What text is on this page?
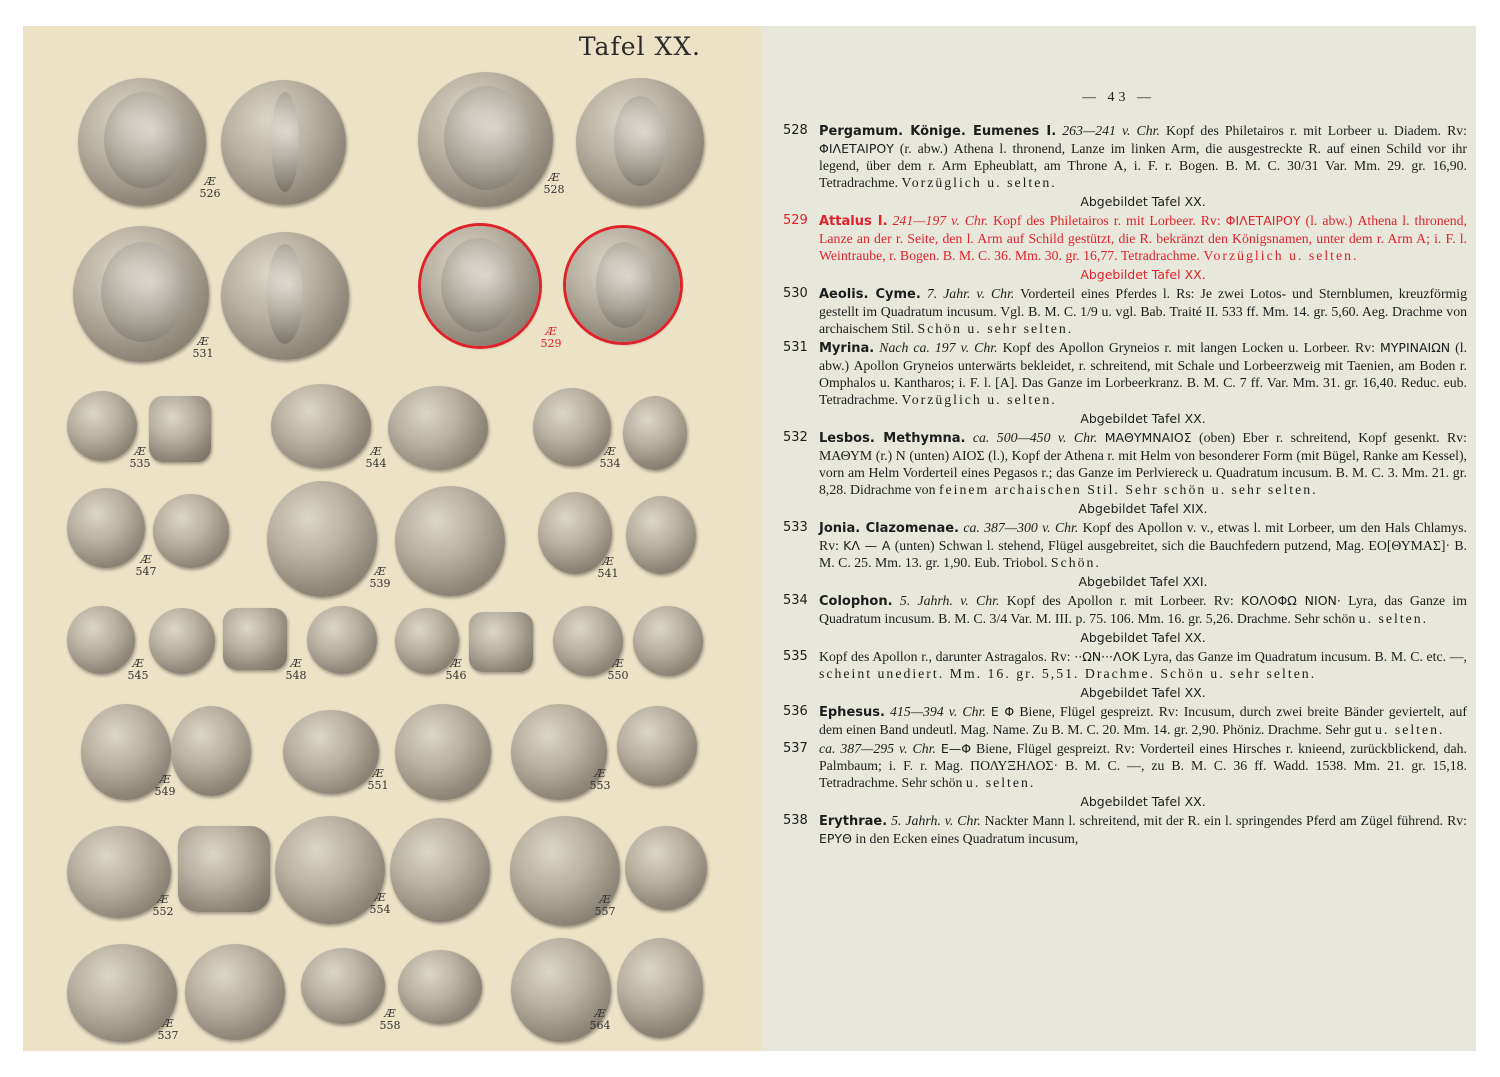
Tafel XX.
Æ
526
Æ
528
Æ
531
Æ
529
Æ
535
Æ
544
Æ
534
Æ
547	Æ
539
Æ
541
Æ
545
Æ
548
Æ
546
Æ
550
Æ
549
Æ
551
Æ
553
Æ
552
Æ
554
Æ
557
Æ
537
Æ
558
Æ
564
— 43 —
528 Pergamum. Könige. Eumenes I. 263—241 v. Chr. Kopf des Philetairos r. mit Lorbeer u. Diadem. Rv: ΦΙΛΕΤΑΙΡΟΥ (r. abw.) Athena l. thronend, Lanze im linken Arm, die ausgestreckte R. auf einen Schild vor ihr legend, über dem r. Arm Epheublatt, am Throne A, i. F. r. Bogen. B. M. C. 30/31 Var. Mm. 29. gr. 16,90. Tetradrachme. Vorzüglich u. selten.
Abgebildet Tafel XX.
529 Attalus I. 241—197 v. Chr. Kopf des Philetairos r. mit Lorbeer. Rv: ΦΙΛΕΤΑΙΡΟΥ (l. abw.) Athena l. thronend, Lanze an der r. Seite, den l. Arm auf Schild gestützt, die R. bekränzt den Königsnamen, unter dem r. Arm A; i. F. l. Weintraube, r. Bogen. B. M. C. 36. Mm. 30. gr. 16,77. Tetradrachme. Vorzüglich u. selten.
Abgebildet Tafel XX.
530 Aeolis. Cyme. 7. Jahr. v. Chr. Vorderteil eines Pferdes l. Rs: Je zwei Lotos- und Sternblumen, kreuzförmig gestellt im Quadratum incusum. Vgl. B. M. C. 1/9 u. vgl. Bab. Traité II. 533 ff. Mm. 14. gr. 5,60. Aeg. Drachme von archaischem Stil. Schön u. sehr selten.
531 Myrina. Nach ca. 197 v. Chr. Kopf des Apollon Gryneios r. mit langen Locken u. Lorbeer. Rv: ΜΥΡΙΝΑΙΩΝ (l. abw.) Apollon Gryneios unterwärts bekleidet, r. schreitend, mit Schale und Lorbeerzweig mit Taenien, am Boden r. Omphalos u. Kantharos; i. F. l. [A]. Das Ganze im Lorbeerkranz. B. M. C. 7 ff. Var. Mm. 31. gr. 16,40. Reduc. eub. Tetradrachme. Vorzüglich u. selten.
Abgebildet Tafel XX.
532 Lesbos. Methymna. ca. 500—450 v. Chr. ΜΑΘΥΜΝΑΙΟΣ (oben) Eber r. schreitend, Kopf gesenkt. Rv: ΜΑΘΥΜ (r.) Ν (unten) ΑΙΟΣ (l.), Kopf der Athena r. mit Helm von besonderer Form (mit Bügel, Ranke am Kessel), vorn am Helm Vorderteil eines Pegasos r.; das Ganze im Perlviereck u. Quadratum incusum. B. M. C. 3. Mm. 21. gr. 8,28. Didrachme von feinem archaischen Stil. Sehr schön u. sehr selten.
Abgebildet Tafel XIX.
533 Jonia. Clazomenae. ca. 387—300 v. Chr. Kopf des Apollon v. v., etwas l. mit Lorbeer, um den Hals Chlamys. Rv: ΚΛ — Α (unten) Schwan l. stehend, Flügel ausgebreitet, sich die Bauchfedern putzend, Mag. ΕΟ[ΘΥΜΑΣ]· B. M. C. 25. Mm. 13. gr. 1,90. Eub. Triobol. Schön.
Abgebildet Tafel XXI.
534 Colophon. 5. Jahrh. v. Chr. Kopf des Apollon r. mit Lorbeer. Rv: ΚΟΛΟΦΩ ΝΙΟΝ· Lyra, das Ganze im Quadratum incusum. B. M. C. 3/4 Var. M. III. p. 75. 106. Mm. 16. gr. 5,26. Drachme. Sehr schön u. selten.
Abgebildet Tafel XX.
535 Kopf des Apollon r., darunter Astragalos. Rv: ··ΩΝ···ΛΟΚ Lyra, das Ganze im Quadratum incusum. B. M. C. etc. —, scheint unediert. Mm. 16. gr. 5,51. Drachme. Schön u. sehr selten.
Abgebildet Tafel XX.
536 Ephesus. 415—394 v. Chr. Ε Φ Biene, Flügel gespreizt. Rv: Incusum, durch zwei breite Bänder geviertelt, auf dem einen Band undeutl. Mag. Name. Zu B. M. C. 20. Mm. 14. gr. 2,90. Phöniz. Drachme. Sehr gut u. selten.
537 ca. 387—295 v. Chr. Ε—Φ Biene, Flügel gespreizt. Rv: Vorderteil eines Hirsches r. knieend, zurückblickend, dah. Palmbaum; i. F. r. Mag. ΠΟΛΥΞΗΛΟΣ· B. M. C. —, zu B. M. C. 36 ff. Wadd. 1538. Mm. 21. gr. 15,18. Tetradrachme. Sehr schön u. selten.
Abgebildet Tafel XX.
538 Erythrae. 5. Jahrh. v. Chr. Nackter Mann l. schreitend, mit der R. ein l. springendes Pferd am Zügel führend. Rv: ΕΡΥΘ in den Ecken eines Quadratum incusum,
